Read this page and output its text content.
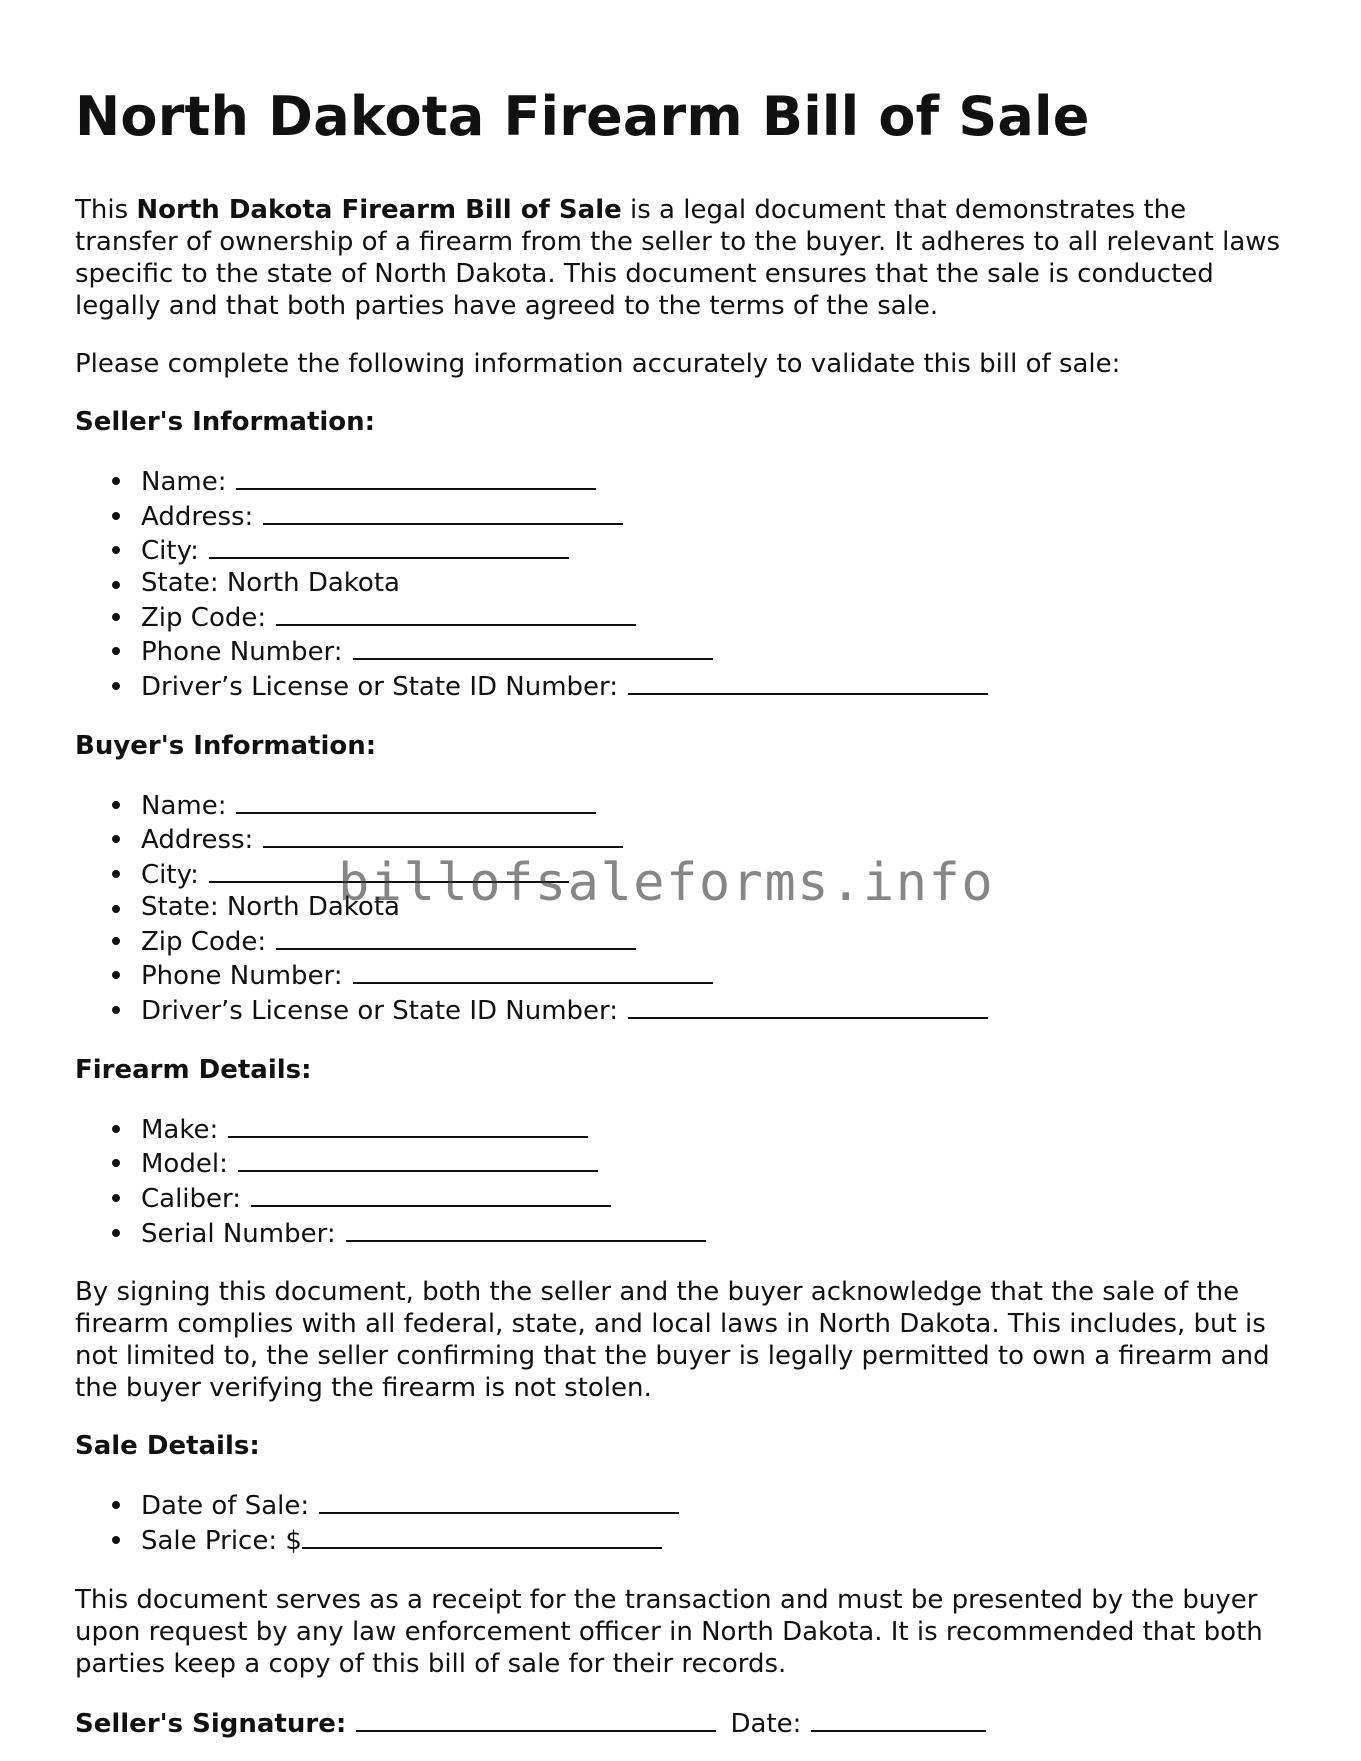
North Dakota Firearm Bill of Sale

This North Dakota Firearm Bill of Sale is a legal document that demonstrates the transfer of ownership of a firearm from the seller to the buyer. It adheres to all relevant laws specific to the state of North Dakota. This document ensures that the sale is conducted legally and that both parties have agreed to the terms of the sale.

Please complete the following information accurately to validate this bill of sale:

Seller's Information:
Name:
Address:
City:
State: North Dakota
Zip Code:
Phone Number:
Driver’s License or State ID Number:
Buyer's Information:
Name:
Address:
City:
State: North Dakota
Zip Code:
Phone Number:
Driver’s License or State ID Number:
Firearm Details:
Make:
Model:
Caliber:
Serial Number:

By signing this document, both the seller and the buyer acknowledge that the sale of the firearm complies with all federal, state, and local laws in North Dakota. This includes, but is not limited to, the seller confirming that the buyer is legally permitted to own a firearm and the buyer verifying the firearm is not stolen.

Sale Details:
Date of Sale:
Sale Price: $

This document serves as a receipt for the transaction and must be presented by the buyer upon request by any law enforcement officer in North Dakota. It is recommended that both parties keep a copy of this bill of sale for their records.

Seller's Signature:	Date:
billofsaleforms.info
